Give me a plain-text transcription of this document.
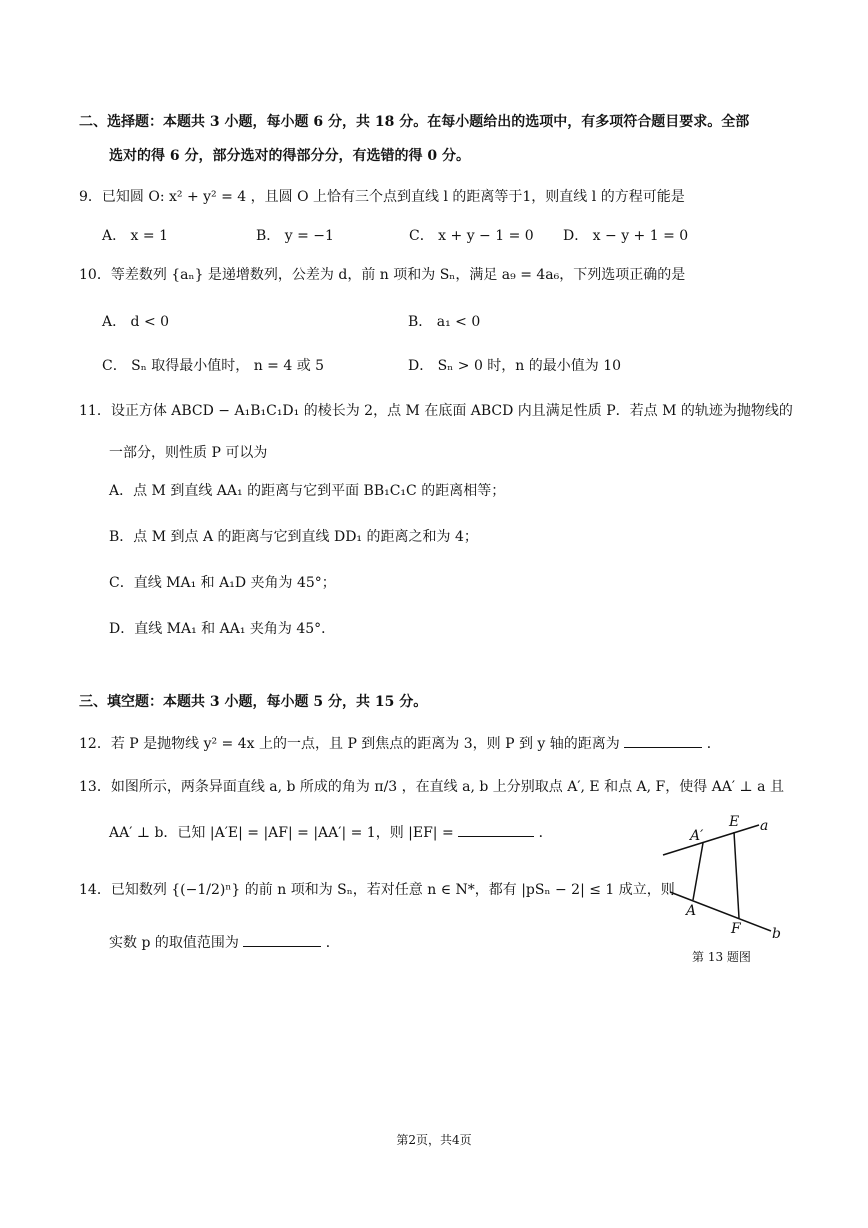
二、选择题：本题共 3 小题，每小题 6 分，共 18 分。在每小题给出的选项中，有多项符合题目要求。全部
选对的得 6 分，部分选对的得部分分，有选错的得 0 分。
9．已知圆 O: x² + y² = 4 ，且圆 O 上恰有三个点到直线 l 的距离等于1，则直线 l 的方程可能是
A． x = 1	B． y = −1	C． x + y − 1 = 0 D． x − y + 1 = 0
10．等差数列 {aₙ} 是递增数列，公差为 d，前 n 项和为 Sₙ，满足 a₉ = 4a₆，下列选项正确的是
A． d < 0	B． a₁ < 0
C． Sₙ 取得最小值时， n = 4 或 5	D． Sₙ > 0 时，n 的最小值为 10
11．设正方体 ABCD − A₁B₁C₁D₁ 的棱长为 2，点 M 在底面 ABCD 内且满足性质 P．若点 M 的轨迹为抛物线的
一部分，则性质 P 可以为
A．点 M 到直线 AA₁ 的距离与它到平面 BB₁C₁C 的距离相等；
B．点 M 到点 A 的距离与它到直线 DD₁ 的距离之和为 4；
C．直线 MA₁ 和 A₁D 夹角为 45°；
D．直线 MA₁ 和 AA₁ 夹角为 45°．
三、填空题：本题共 3 小题，每小题 5 分，共 15 分。
12．若 P 是抛物线 y² = 4x 上的一点，且 P 到焦点的距离为 3，则 P 到 y 轴的距离为	．
13．如图所示，两条异面直线 a, b 所成的角为 π/3 ，在直线 a, b 上分别取点 A′, E 和点 A, F，使得 AA′ ⊥ a 且
AA′ ⊥ b．已知 |A′E| = |AF| = |AA′| = 1，则 |EF| =	．
14．已知数列 {(−1/2)ⁿ} 的前 n 项和为 Sₙ，若对任意 n ∈ N*，都有 |pSₙ − 2| ≤ 1 成立，则
实数 p 的取值范围为	．
A′
E a
A
F b
第 13 题图
第2页，共4页
